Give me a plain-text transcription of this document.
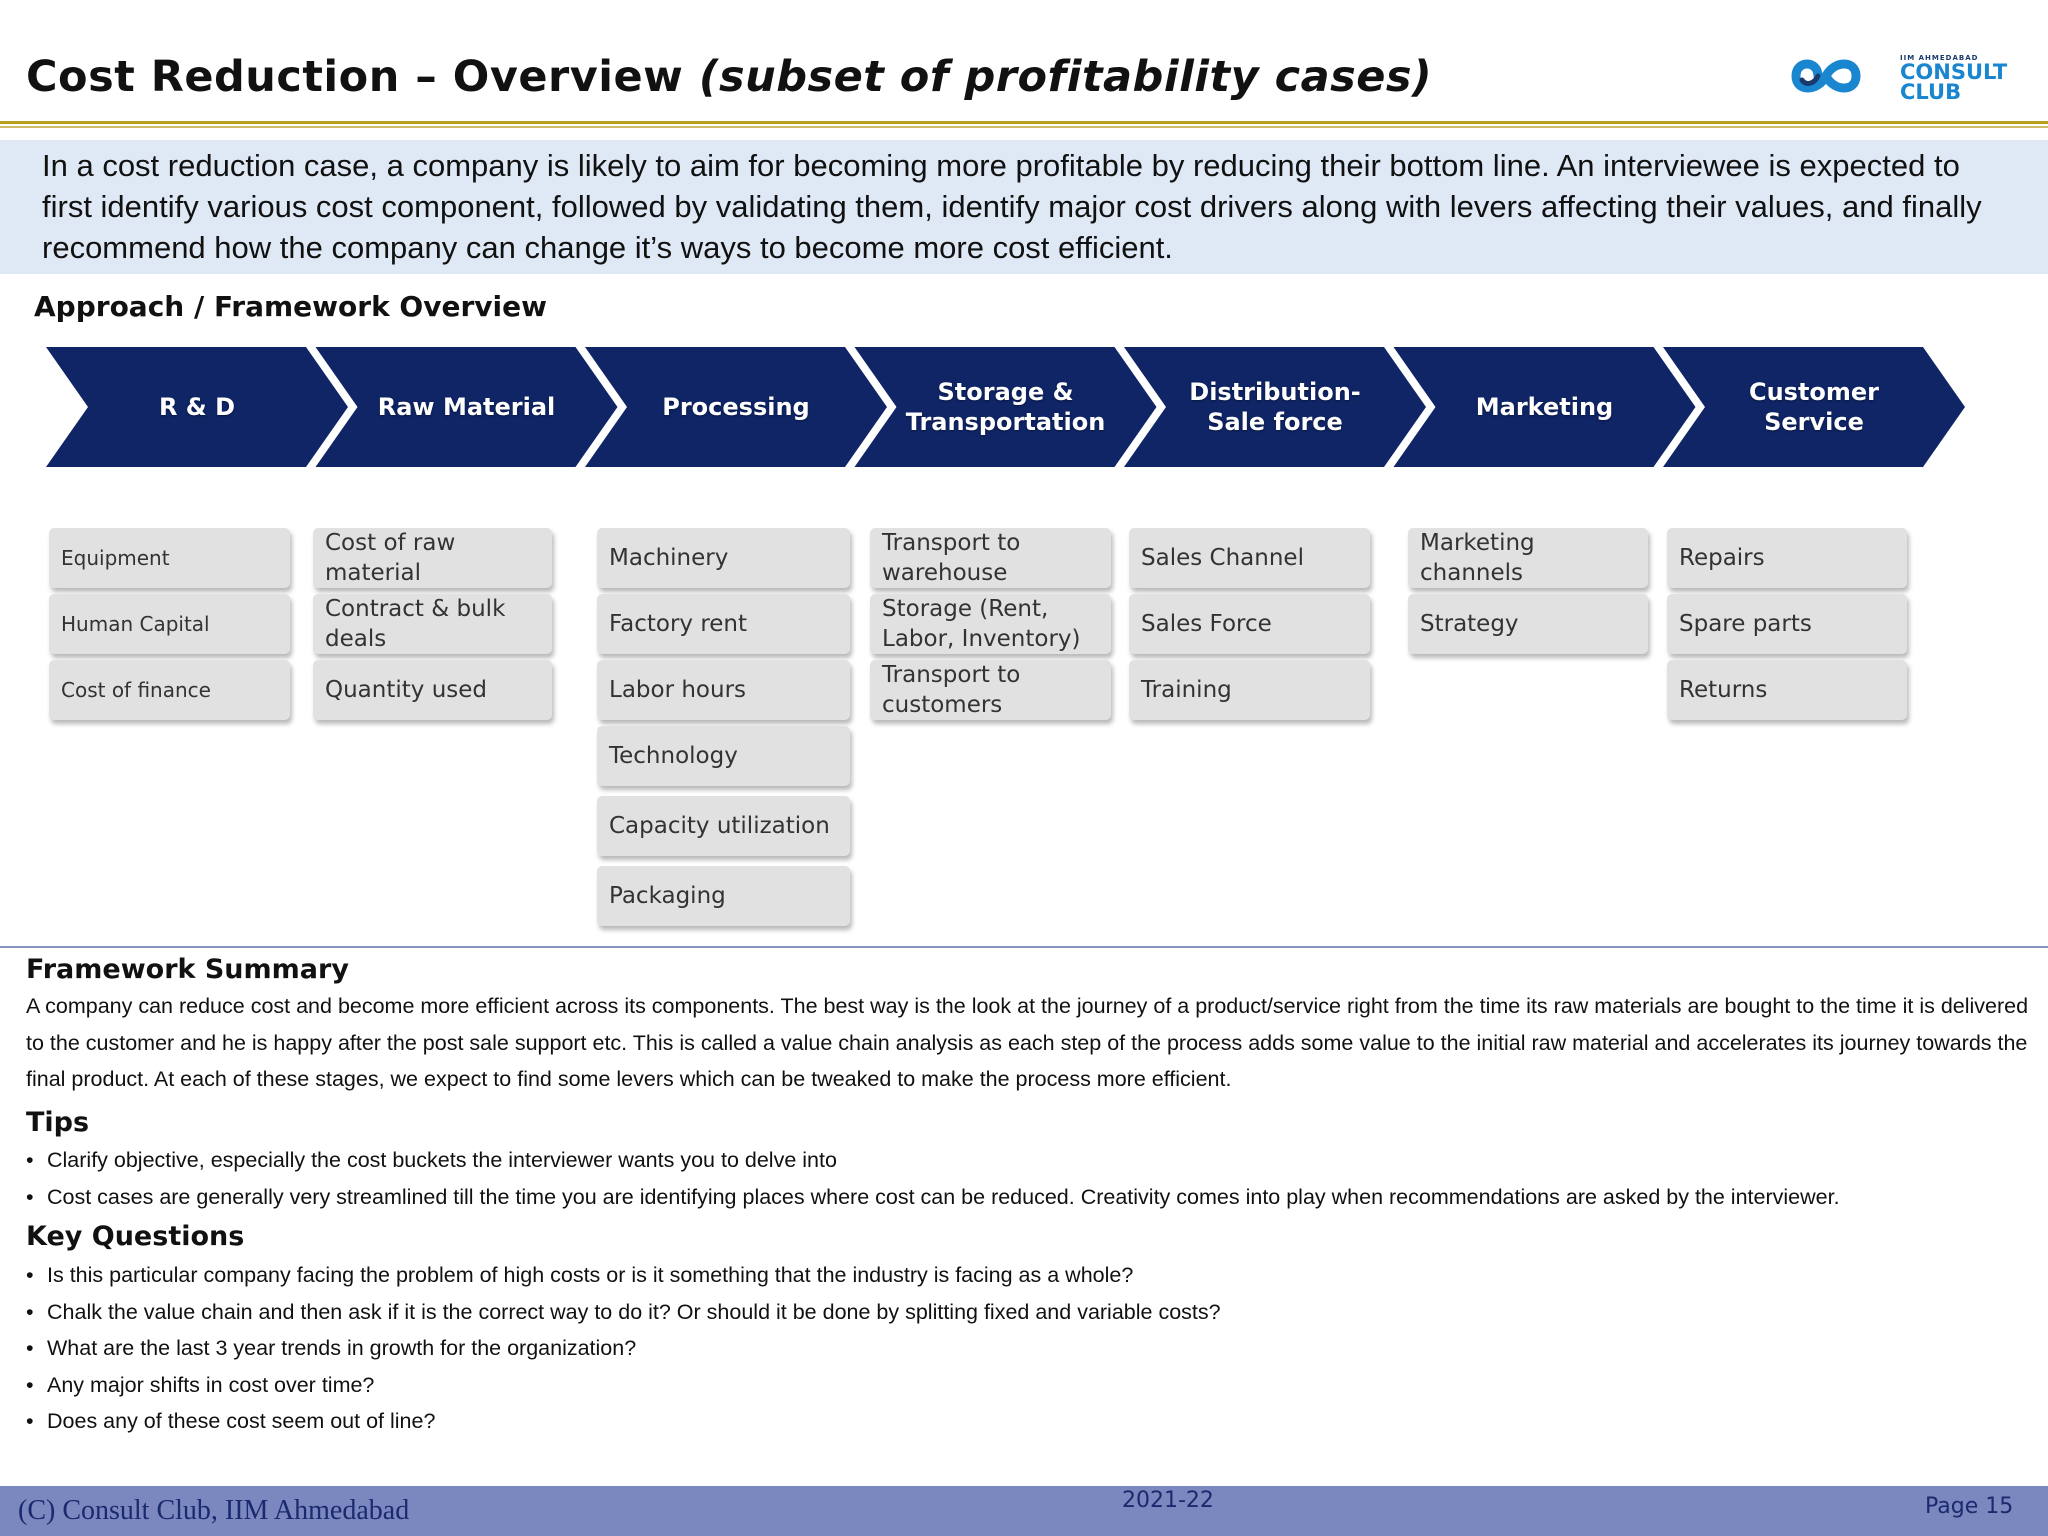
Cost Reduction – Overview (subset of profitability cases)	IIM AHMEDABAD
CONSULT
CLUB
In a cost reduction case, a company is likely to aim for becoming more profitable by reducing their bottom line. An interviewee is expected to first identify various cost component, followed by validating them, identify major cost drivers along with levers affecting their values, and finally recommend how the company can change it’s ways to become more cost efficient.
Approach / Framework Overview
R & D
Equipment
Human Capital
Cost of finance
Raw Material
Cost of raw
material
Contract & bulk
deals
Quantity used
Processing
Machinery
Factory rent
Labor hours
Technology
Capacity utilization
Packaging
Storage &
Transportation
Transport to
warehouse
Storage (Rent,
Labor, Inventory)
Transport to
customers
Distribution-
Sale force
Sales Channel
Sales Force
Training
Marketing
Marketing
channels
Strategy
Customer
Service
Repairs
Spare parts
Returns
Framework Summary
A company can reduce cost and become more efficient across its components. The best way is the look at the journey of a product/service right from the time its raw materials are bought to the time it is delivered to the customer and he is happy after the post sale support etc. This is called a value chain analysis as each step of the process adds some value to the initial raw material and accelerates its journey towards the final product. At each of these stages, we expect to find some levers which can be tweaked to make the process more efficient.
Tips
• Clarify objective, especially the cost buckets the interviewer wants you to delve into
• Cost cases are generally very streamlined till the time you are identifying places where cost can be reduced. Creativity comes into play when recommendations are asked by the interviewer.
Key Questions
• Is this particular company facing the problem of high costs or is it something that the industry is facing as a whole?
• Chalk the value chain and then ask if it is the correct way to do it? Or should it be done by splitting fixed and variable costs?
• What are the last 3 year trends in growth for the organization?
• Any major shifts in cost over time?
• Does any of these cost seem out of line?
(C) Consult Club, IIM Ahmedabad	2021-22	Page 15
